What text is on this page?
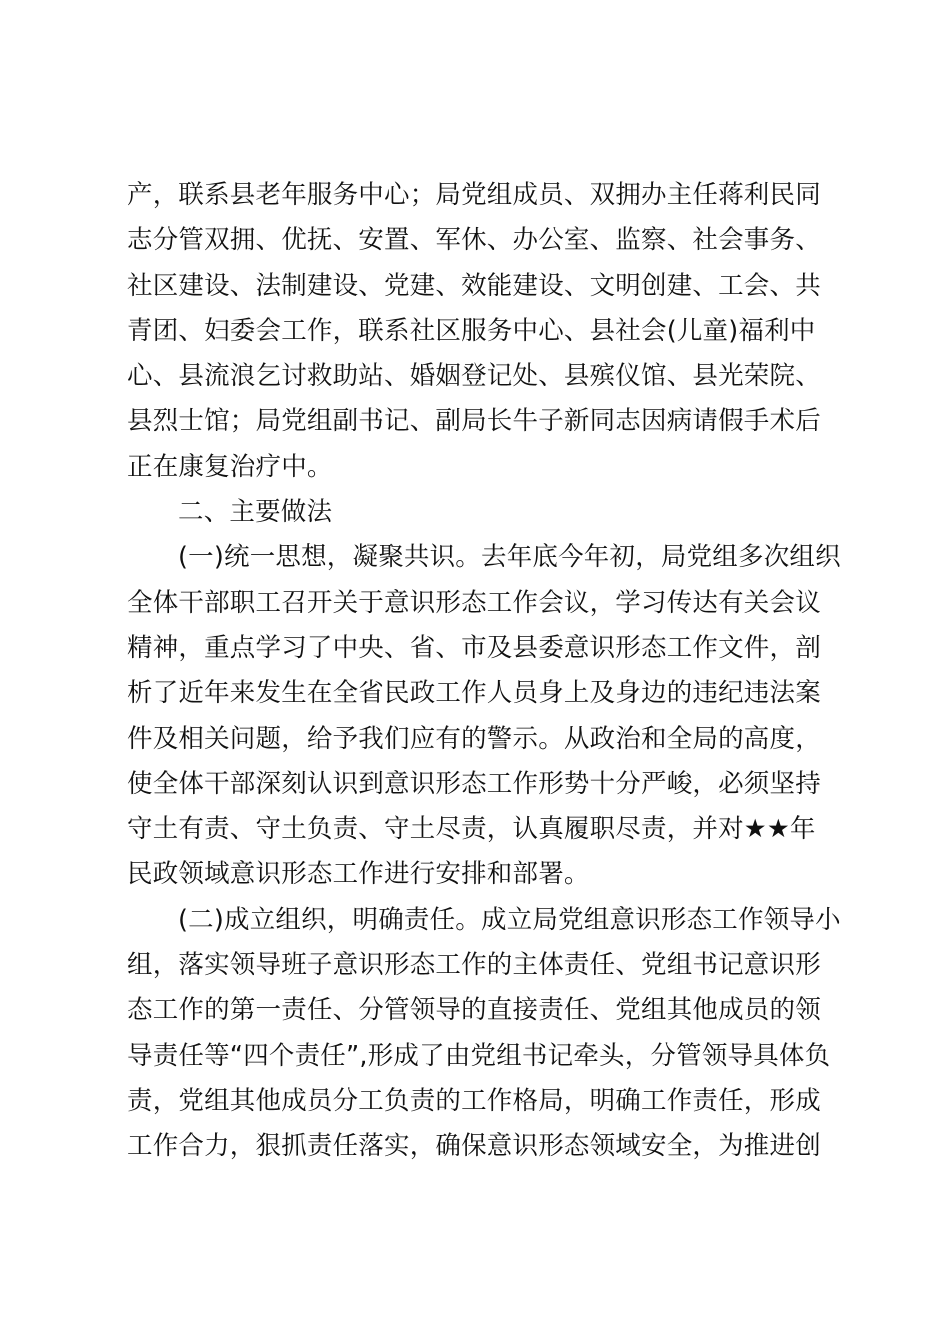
产，联系县老年服务中心；局党组成员、双拥办主任蒋利民同
志分管双拥、优抚、安置、军休、办公室、监察、社会事务、
社区建设、法制建设、党建、效能建设、文明创建、工会、共
青团、妇委会工作，联系社区服务中心、县社会(儿童)福利中
心、县流浪乞讨救助站、婚姻登记处、县殡仪馆、县光荣院、
县烈士馆；局党组副书记、副局长牛子新同志因病请假手术后
正在康复治疗中。
二、主要做法
(一)统一思想，凝聚共识。去年底今年初，局党组多次组织
全体干部职工召开关于意识形态工作会议，学习传达有关会议
精神，重点学习了中央、省、市及县委意识形态工作文件，剖
析了近年来发生在全省民政工作人员身上及身边的违纪违法案
件及相关问题，给予我们应有的警示。从政治和全局的高度，
使全体干部深刻认识到意识形态工作形势十分严峻，必须坚持
守土有责、守土负责、守土尽责，认真履职尽责，并对★★年
民政领域意识形态工作进行安排和部署。
(二)成立组织，明确责任。成立局党组意识形态工作领导小
组，落实领导班子意识形态工作的主体责任、党组书记意识形
态工作的第一责任、分管领导的直接责任、党组其他成员的领
导责任等“四个责任”,形成了由党组书记牵头，分管领导具体负
责，党组其他成员分工负责的工作格局，明确工作责任，形成
工作合力，狠抓责任落实，确保意识形态领域安全，为推进创
